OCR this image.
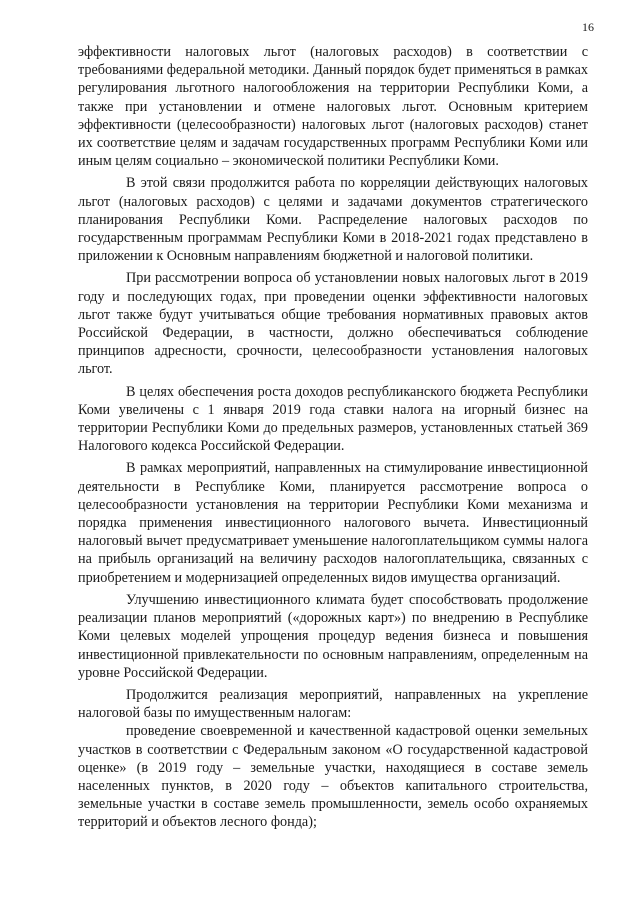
16

эффективности налоговых льгот (налоговых расходов) в соответствии с требованиями федеральной методики. Данный порядок будет применяться в рамках регулирования льготного налогообложения на территории Республики Коми, а также при установлении и отмене налоговых льгот. Основным критерием эффективности (целесообразности) налоговых льгот (налоговых расходов) станет их соответствие целям и задачам государственных программ Республики Коми или иным целям социально – экономической политики Республики Коми.

В этой связи продолжится работа по корреляции действующих налоговых льгот (налоговых расходов) с целями и задачами документов стратегического планирования Республики Коми. Распределение налоговых расходов по государственным программам Республики Коми в 2018-2021 годах представлено в приложении к Основным направлениям бюджетной и налоговой политики.

При рассмотрении вопроса об установлении новых налоговых льгот в 2019 году и последующих годах, при проведении оценки эффективности налоговых льгот также будут учитываться общие требования нормативных правовых актов Российской Федерации, в частности, должно обеспечиваться соблюдение принципов адресности, срочности, целесообразности установления налоговых льгот.

В целях обеспечения роста доходов республиканского бюджета Республики Коми увеличены с 1 января 2019 года ставки налога на игорный бизнес на территории Республики Коми до предельных размеров, установленных статьей 369 Налогового кодекса Российской Федерации.

В рамках мероприятий, направленных на стимулирование инвестиционной деятельности в Республике Коми, планируется рассмотрение вопроса о целесообразности установления на территории Республики Коми механизма и порядка применения инвестиционного налогового вычета. Инвестиционный налоговый вычет предусматривает уменьшение налогоплательщиком суммы налога на прибыль организаций на величину расходов налогоплательщика, связанных с приобретением и модернизацией определенных видов имущества организаций.

Улучшению инвестиционного климата будет способствовать продолжение реализации планов мероприятий («дорожных карт») по внедрению в Республике Коми целевых моделей упрощения процедур ведения бизнеса и повышения инвестиционной привлекательности по основным направлениям, определенным на уровне Российской Федерации.

Продолжится реализация мероприятий, направленных на укрепление налоговой базы по имущественным налогам:

проведение своевременной и качественной кадастровой оценки земельных участков в соответствии с Федеральным законом «О государственной кадастровой оценке» (в 2019 году – земельные участки, находящиеся в составе земель населенных пунктов, в 2020 году – объектов капитального строительства, земельные участки в составе земель промышленности, земель особо охраняемых территорий и объектов лесного фонда);
